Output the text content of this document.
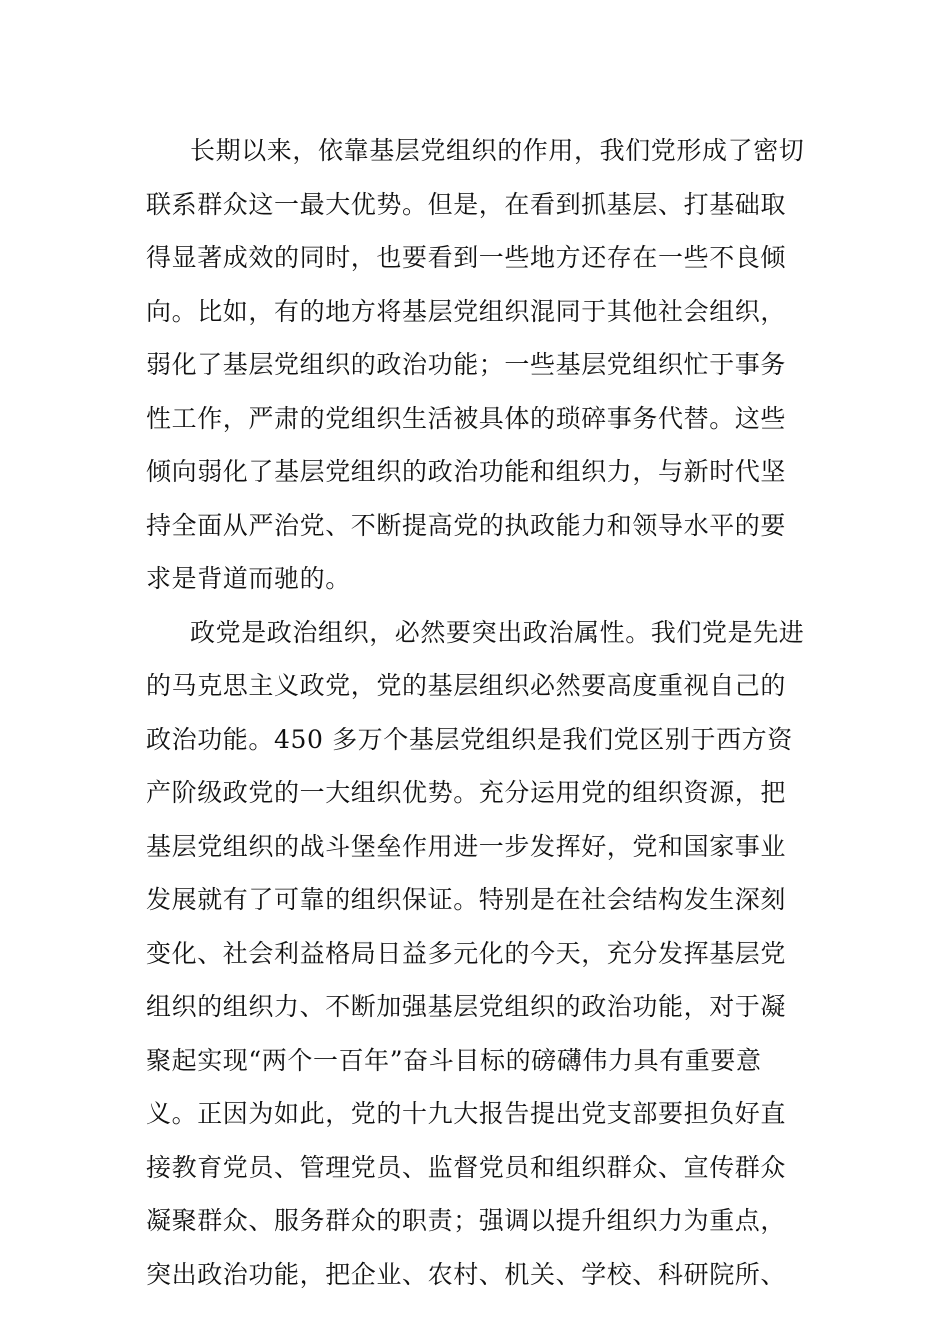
长期以来，依靠基层党组织的作用，我们党形成了密切
联系群众这一最大优势。但是，在看到抓基层、打基础取
得显著成效的同时，也要看到一些地方还存在一些不良倾
向。比如，有的地方将基层党组织混同于其他社会组织，
弱化了基层党组织的政治功能；一些基层党组织忙于事务
性工作，严肃的党组织生活被具体的琐碎事务代替。这些
倾向弱化了基层党组织的政治功能和组织力，与新时代坚
持全面从严治党、不断提高党的执政能力和领导水平的要
求是背道而驰的。
政党是政治组织，必然要突出政治属性。我们党是先进
的马克思主义政党，党的基层组织必然要高度重视自己的
政治功能。450 多万个基层党组织是我们党区别于西方资
产阶级政党的一大组织优势。充分运用党的组织资源，把
基层党组织的战斗堡垒作用进一步发挥好，党和国家事业
发展就有了可靠的组织保证。特别是在社会结构发生深刻
变化、社会利益格局日益多元化的今天，充分发挥基层党
组织的组织力、不断加强基层党组织的政治功能，对于凝
聚起实现“两个一百年”奋斗目标的磅礴伟力具有重要意
义。正因为如此，党的十九大报告提出党支部要担负好直
接教育党员、管理党员、监督党员和组织群众、宣传群众
凝聚群众、服务群众的职责；强调以提升组织力为重点，
突出政治功能，把企业、农村、机关、学校、科研院所、
